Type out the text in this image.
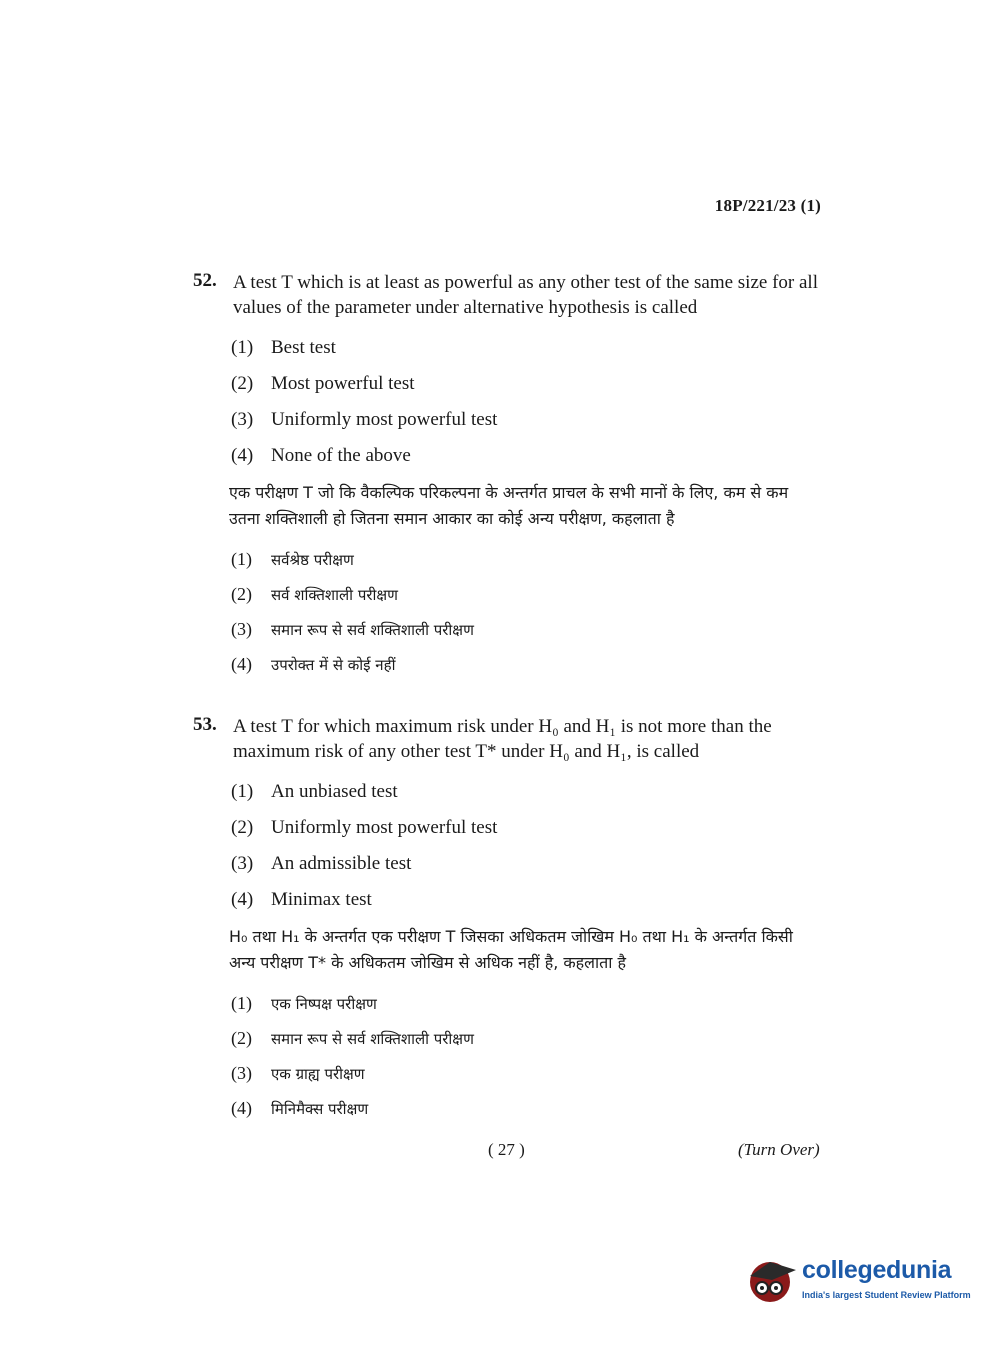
18P/221/23 (1)
52. A test T which is at least as powerful as any other test of the same size for all values of the parameter under alternative hypothesis is called
(1) Best test
(2) Most powerful test
(3) Uniformly most powerful test
(4) None of the above
एक परीक्षण T जो कि वैकल्पिक परिकल्पना के अन्तर्गत प्राचल के सभी मानों के लिए, कम से कम उतना शक्तिशाली हो जितना समान आकार का कोई अन्य परीक्षण, कहलाता है
(1) सर्वश्रेष्ठ परीक्षण
(2) सर्व शक्तिशाली परीक्षण
(3) समान रूप से सर्व शक्तिशाली परीक्षण
(4) उपरोक्त में से कोई नहीं
53. A test T for which maximum risk under H₀ and H₁ is not more than the maximum risk of any other test T* under H₀ and H₁, is called
(1) An unbiased test
(2) Uniformly most powerful test
(3) An admissible test
(4) Minimax test
H₀ तथा H₁ के अन्तर्गत एक परीक्षण T जिसका अधिकतम जोखिम H₀ तथा H₁ के अन्तर्गत किसी अन्य परीक्षण T* के अधिकतम जोखिम से अधिक नहीं है, कहलाता है
(1) एक निष्पक्ष परीक्षण
(2) समान रूप से सर्व शक्तिशाली परीक्षण
(3) एक ग्राह्य परीक्षण
(4) मिनिमैक्स परीक्षण
( 27 )	(Turn Over)
collegedunia
India's largest Student Review Platform
